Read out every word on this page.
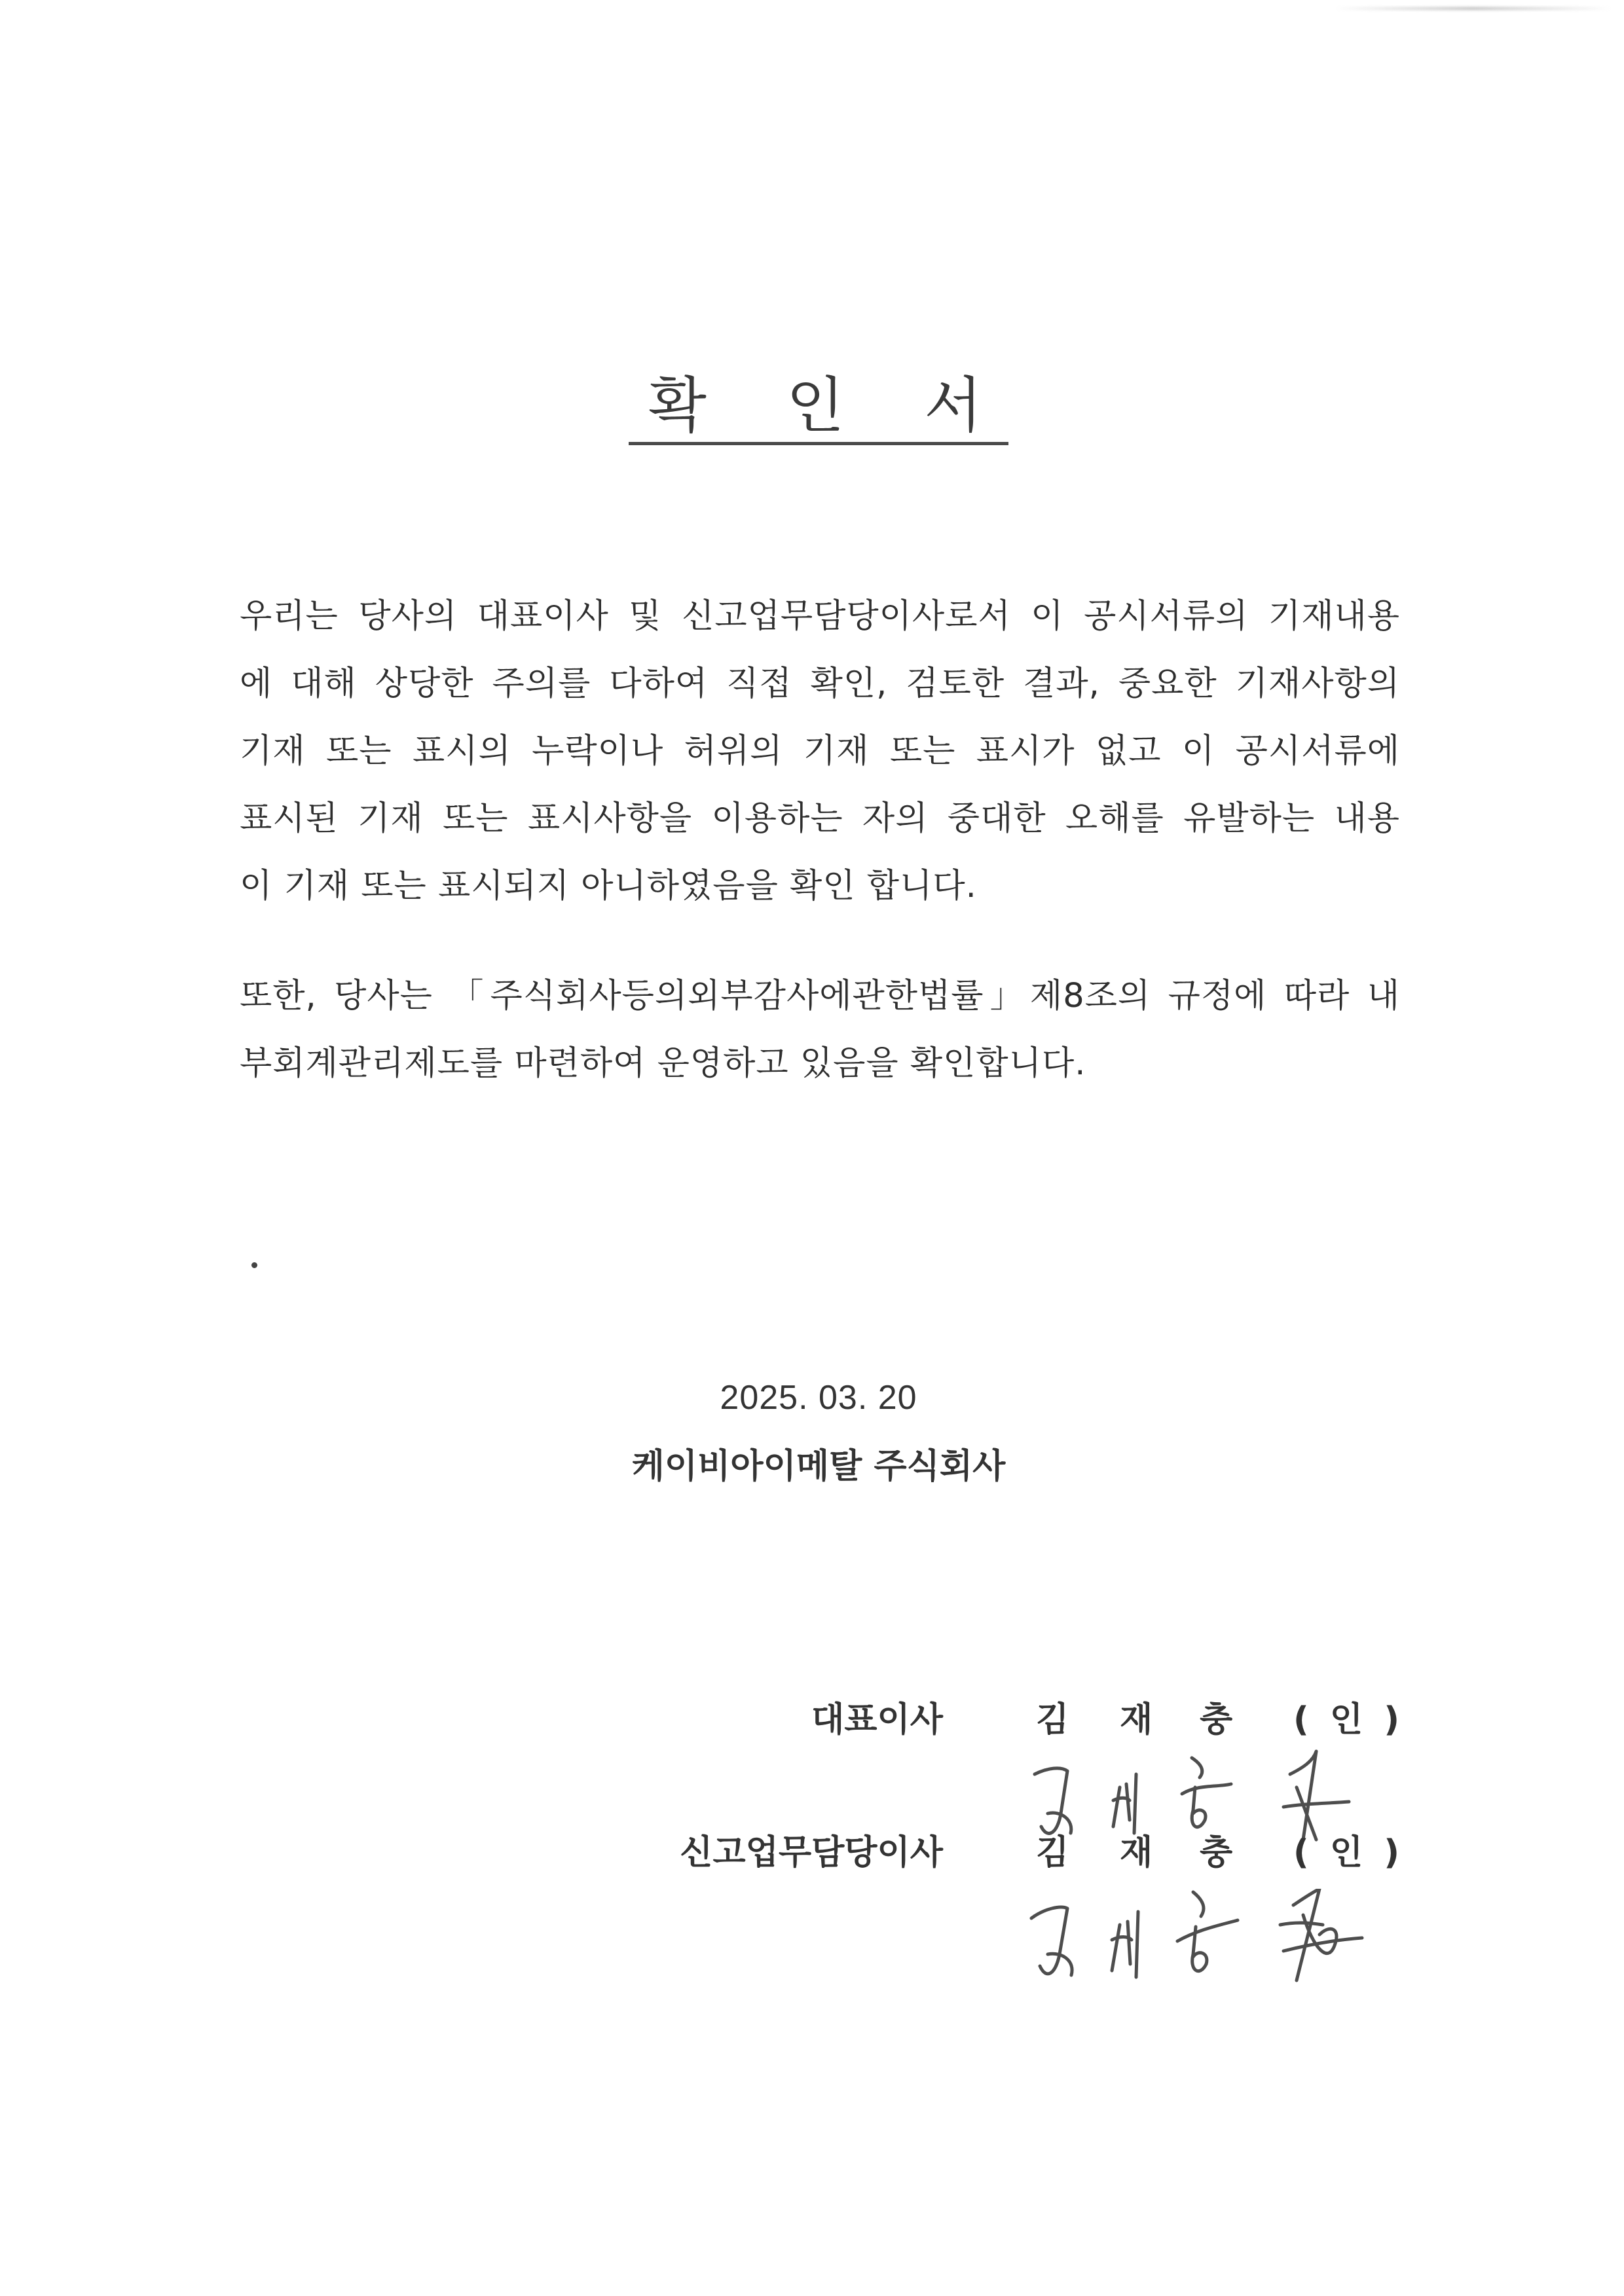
확 인 서
우리는 당사의 대표이사 및 신고업무담당이사로서 이 공시서류의 기재내용
에 대해 상당한 주의를 다하여 직접 확인, 검토한 결과, 중요한 기재사항의
기재 또는 표시의 누락이나 허위의 기재 또는 표시가 없고 이 공시서류에
표시된 기재 또는 표시사항을 이용하는 자의 중대한 오해를 유발하는 내용
이 기재 또는 표시되지 아니하였음을 확인 합니다.
또한, 당사는 「주식회사등의외부감사에관한법률」제8조의 규정에 따라 내
부회계관리제도를 마련하여 운영하고 있음을 확인합니다.
2025. 03. 20
케이비아이메탈 주식회사
대표이사	김 재 충 ( 인 )
신고업무담당이사	김 재 충 ( 인 )
